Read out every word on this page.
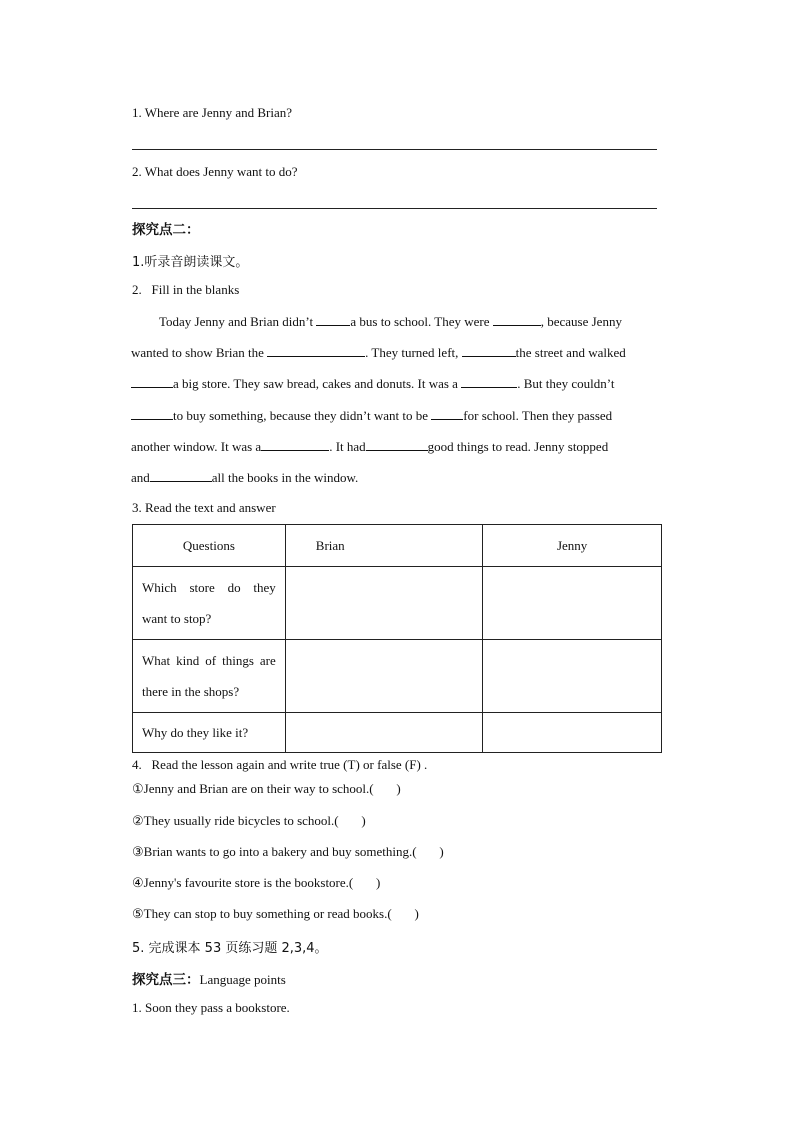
1. Where are Jenny and Brian?
2. What does Jenny want to do?
探究点二：
1.听录音朗读课文。
2.   Fill in the blanks
Today Jenny and Brian didn’t	a bus to school. They were	, because Jenny
wanted to show Brian the	. They turned left,	the street and walked
a big store. They saw bread, cakes and donuts. It was a	. But they couldn’t
to buy something, because they didn’t want to be for school. Then they passed
another window. It was a	. It had	good things to read. Jenny stopped
and	all the books in the window.
3. Read the text and answer
Questions	Brian	Jenny

Which store do they
want to stop?		

What kind of things are
there in the shops?		

Why do they like it?		

4.   Read the lesson again and write true (T) or false (F) .
①Jenny and Brian are on their way to school.(       )
②They usually ride bicycles to school.(       )
③Brian wants to go into a bakery and buy something.(       )
④Jenny's favourite store is the bookstore.(       )
⑤They can stop to buy something or read books.(       )
5. 完成课本 53 页练习题 2,3,4。
探究点三：Language points
1. Soon they pass a bookstore.
